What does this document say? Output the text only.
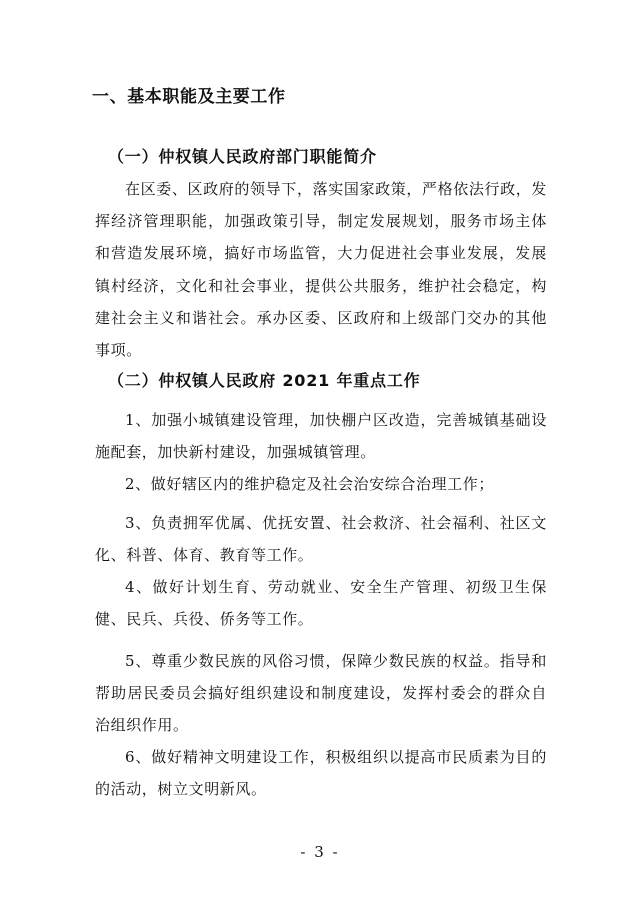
一、基本职能及主要工作
（一）仲权镇人民政府部门职能简介

在区委、区政府的领导下，落实国家政策，严格依法行政，发挥经济管理职能，加强政策引导，制定发展规划，服务市场主体和营造发展环境，搞好市场监管，大力促进社会事业发展，发展镇村经济，文化和社会事业，提供公共服务，维护社会稳定，构建社会主义和谐社会。承办区委、区政府和上级部门交办的其他事项。

（二）仲权镇人民政府 2021 年重点工作

1、加强小城镇建设管理，加快棚户区改造，完善城镇基础设施配套，加快新村建设，加强城镇管理。

2、做好辖区内的维护稳定及社会治安综合治理工作；

3、负责拥军优属、优抚安置、社会救济、社会福利、社区文化、科普、体育、教育等工作。

4、做好计划生育、劳动就业、安全生产管理、初级卫生保健、民兵、兵役、侨务等工作。

5、尊重少数民族的风俗习惯，保障少数民族的权益。指导和帮助居民委员会搞好组织建设和制度建设，发挥村委会的群众自治组织作用。

6、做好精神文明建设工作，积极组织以提高市民质素为目的的活动，树立文明新风。

- 3 -
